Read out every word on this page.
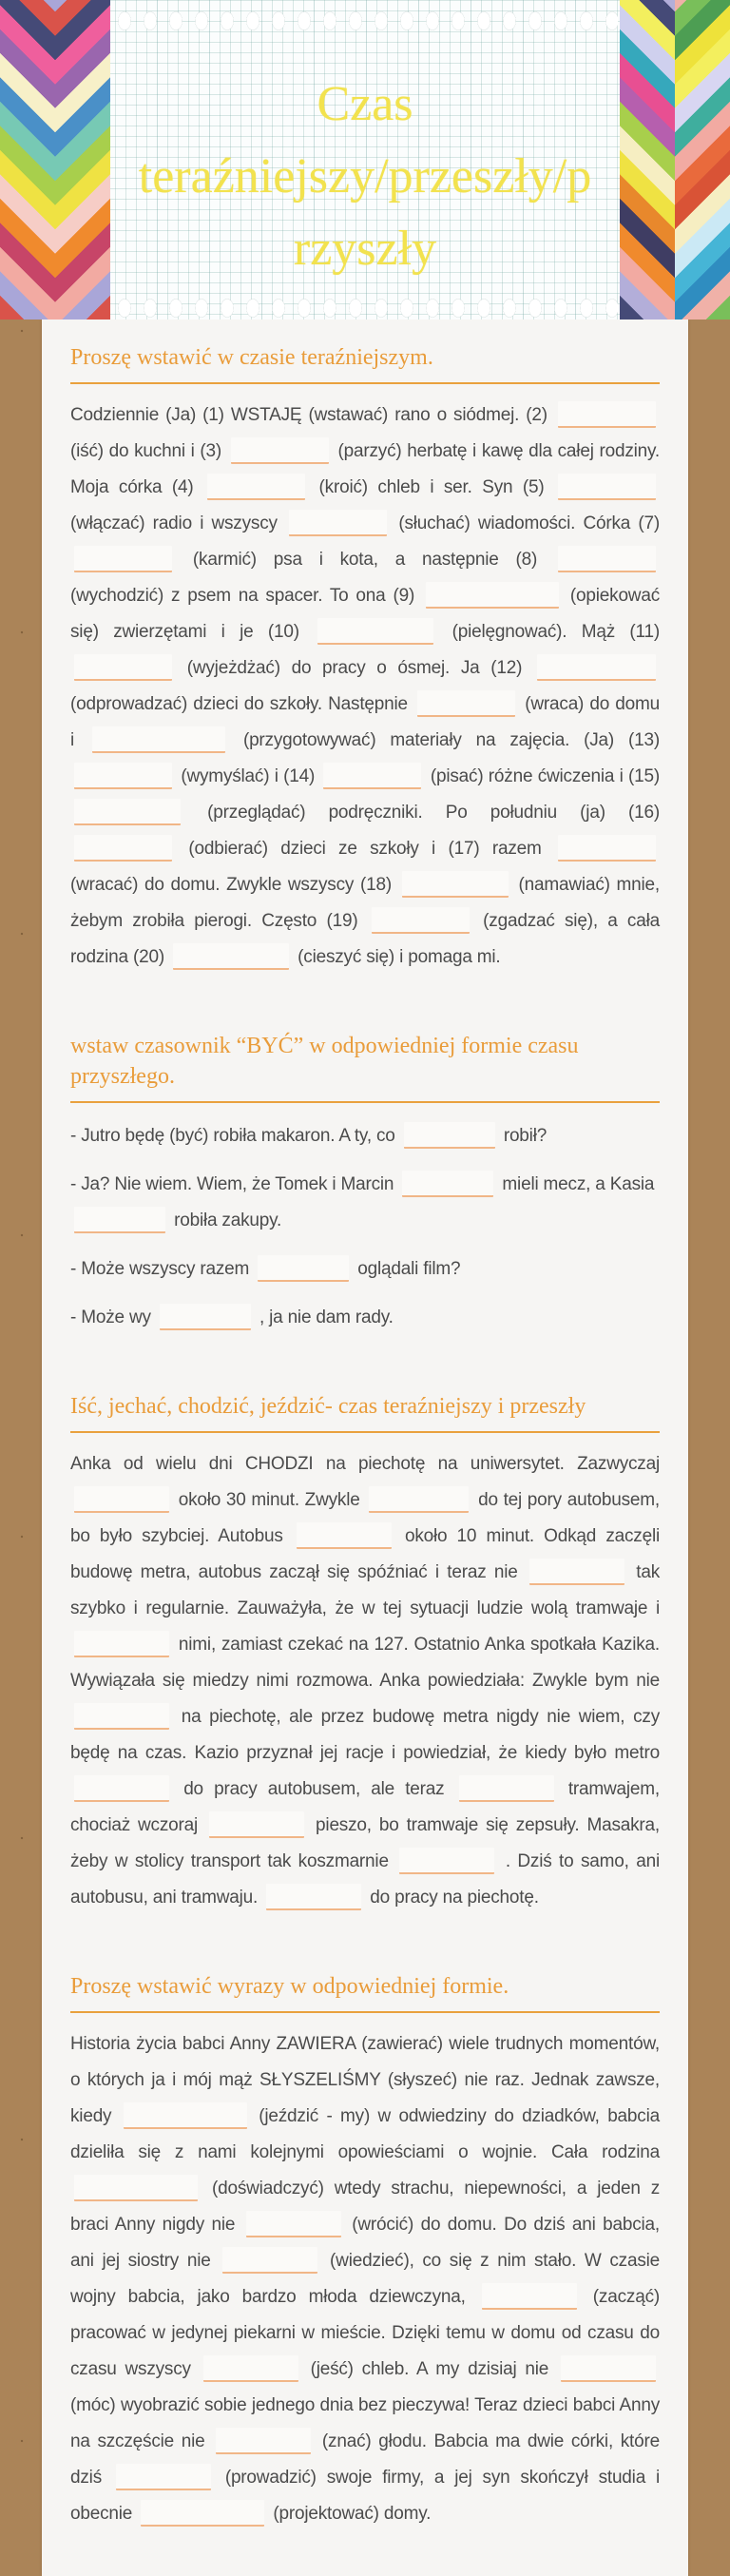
Czas
teraźniejszy/przeszły/p
rzyszły
Proszę wstawić w czasie teraźniejszym.

Codziennie (Ja) (1) WSTAJĘ (wstawać) rano o siódmej. (2)  (iść) do kuchni i (3)	(parzyć) herbatę i kawę dla całej rodziny. Moja córka (4)	(kroić) chleb i ser. Syn (5)  (włączać) radio i wszyscy	(słuchać) wiadomości. Córka (7)  (karmić) psa i kota, a następnie (8)  (wychodzić) z psem na spacer. To ona (9)	(opiekować się) zwierzętami i je (10)	(pielęgnować). Mąż (11)  (wyjeżdżać) do pracy o ósmej. Ja (12)  (odprowadzać) dzieci do szkoły. Następnie	(wraca) do domu i	(przygotowywać) materiały na zajęcia. (Ja) (13)  (wymyślać) i (14)	(pisać) różne ćwiczenia i (15)  (przeglądać) podręczniki. Po południu (ja) (16)  (odbierać) dzieci ze szkoły i (17) razem  (wracać) do domu. Zwykle wszyscy (18)	(namawiać) mnie, żebym zrobiła pierogi. Często (19)	(zgadzać się), a cała rodzina (20)	(cieszyć się) i pomaga mi.

wstaw czasownik “BYĆ” w odpowiedniej formie czasu przyszłego.
- Jutro będę (być) robiła makaron. A ty, co	robił?
- Ja? Nie wiem. Wiem, że Tomek i Marcin	mieli mecz, a Kasia  robiła zakupy.
- Może wszyscy razem	oglądali film?
- Może wy	, ja nie dam rady.
Iść, jechać, chodzić, jeździć- czas teraźniejszy i przeszły

Anka od wielu dni CHODZI na piechotę na uniwersytet. Zazwyczaj  około 30 minut. Zwykle	do tej pory autobusem, bo było szybciej. Autobus	około 10 minut. Odkąd zaczęli budowę metra, autobus zaczął się spóźniać i teraz nie	tak szybko i regularnie. Zauważyła, że w tej sytuacji ludzie wolą tramwaje i  nimi, zamiast czekać na 127. Ostatnio Anka spotkała Kazika. Wywiązała się miedzy nimi rozmowa. Anka powiedziała: Zwykle bym nie  na piechotę, ale przez budowę metra nigdy nie wiem, czy będę na czas. Kazio przyznał jej racje i powiedział, że kiedy było metro  do pracy autobusem, ale teraz	tramwajem, chociaż wczoraj	pieszo, bo tramwaje się zepsuły. Masakra, żeby w stolicy transport tak koszmarnie	. Dziś to samo, ani autobusu, ani tramwaju.	do pracy na piechotę.

Proszę wstawić wyrazy w odpowiedniej formie.

Historia życia babci Anny ZAWIERA (zawierać) wiele trudnych momentów, o których ja i mój mąż SŁYSZELIŚMY (słyszeć) nie raz. Jednak zawsze, kiedy	(jeździć - my) w odwiedziny do dziadków, babcia dzieliła się z nami kolejnymi opowieściami o wojnie. Cała rodzina  (doświadczyć) wtedy strachu, niepewności, a jeden z braci Anny nigdy nie	(wrócić) do domu. Do dziś ani babcia, ani jej siostry nie	(wiedzieć), co się z nim stało. W czasie wojny babcia, jako bardzo młoda dziewczyna,	(zacząć) pracować w jedynej piekarni w mieście. Dzięki temu w domu od czasu do czasu wszyscy	(jeść) chleb. A my dzisiaj nie  (móc) wyobrazić sobie jednego dnia bez pieczywa! Teraz dzieci babci Anny na szczęście nie	(znać) głodu. Babcia ma dwie córki, które dziś	(prowadzić) swoje firmy, a jej syn skończył studia i obecnie	(projektować) domy.
